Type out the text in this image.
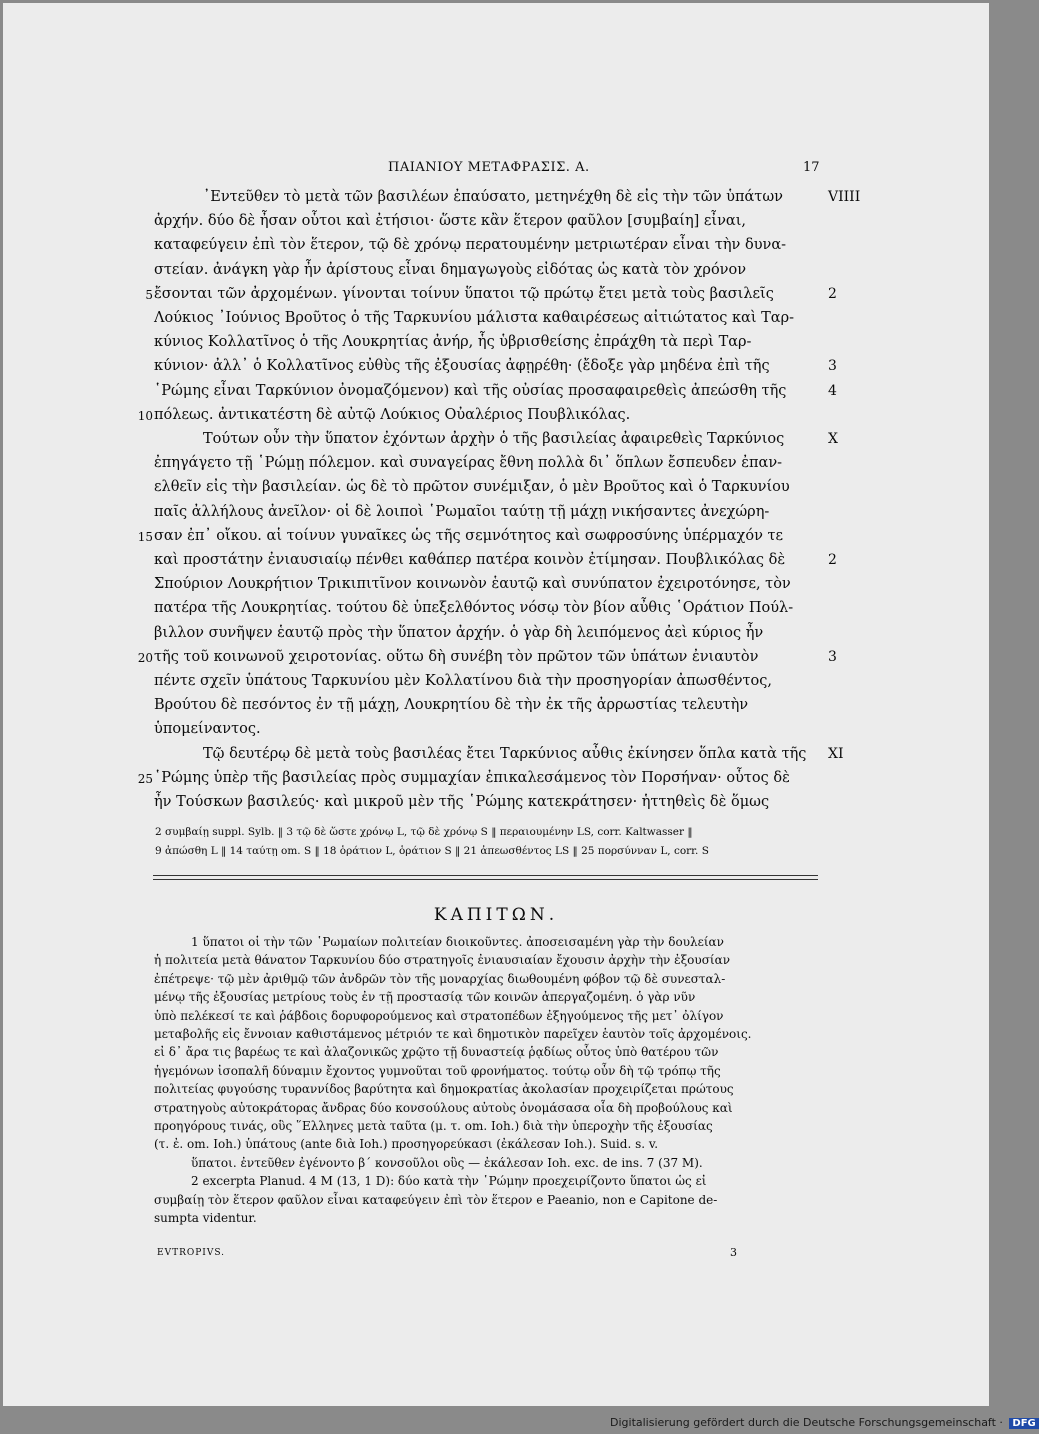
ΠΑΙΑΝΙΟΥ ΜΕΤΑΦΡΑΣΙΣ. Α.	17
᾿Εντεῦθεν τὸ μετὰ τῶν βασιλέων ἐπαύσατο, μετηνέχθη δὲ εἰς τὴν τῶν ὑπάτων	VIIII
ἀρχήν. δύο δὲ ἦσαν οὗτοι καὶ ἐτήσιοι· ὥστε κἂν ἕτερον φαῦλον [συμβαίη] εἶναι,
καταφεύγειν ἐπὶ τὸν ἕτερον, τῷ δὲ χρόνῳ περατουμένην μετριωτέραν εἶναι τὴν δυνα-
στείαν. ἀνάγκη γὰρ ἦν ἀρίστους εἶναι δημαγωγοὺς εἰδότας ὡς κατὰ τὸν χρόνον
5 ἔσονται τῶν ἀρχομένων. γίνονται τοίνυν ὕπατοι τῷ πρώτῳ ἔτει μετὰ τοὺς βασιλεῖς	2
Λούκιος ᾿Ιούνιος Βροῦτος ὁ τῆς Ταρκυνίου μάλιστα καθαιρέσεως αἰτιώτατος καὶ Ταρ-
κύνιος Κολλατῖνος ὁ τῆς Λουκρητίας ἀνήρ, ἧς ὑβρισθείσης ἐπράχθη τὰ περὶ Ταρ-
κύνιον· ἀλλ᾿ ὁ Κολλατῖνος εὐθὺς τῆς ἐξουσίας ἀφῃρέθη· (ἔδοξε γὰρ μηδένα ἐπὶ τῆς	3
῾Ρώμης εἶναι Ταρκύνιον ὀνομαζόμενον) καὶ τῆς οὐσίας προσαφαιρεθεὶς ἀπεώσθη τῆς	4
10 πόλεως. ἀντικατέστη δὲ αὐτῷ Λούκιος Οὐαλέριος Πουβλικόλας.
Τούτων οὖν τὴν ὕπατον ἐχόντων ἀρχὴν ὁ τῆς βασιλείας ἀφαιρεθεὶς Ταρκύνιος	X
ἐπηγάγετο τῇ ῾Ρώμῃ πόλεμον. καὶ συναγείρας ἔθνη πολλὰ δι᾿ ὅπλων ἔσπευδεν ἐπαν-
ελθεῖν εἰς τὴν βασιλείαν. ὡς δὲ τὸ πρῶτον συνέμιξαν, ὁ μὲν Βροῦτος καὶ ὁ Ταρκυνίου
παῖς ἀλλήλους ἀνεῖλον· οἱ δὲ λοιποὶ ῾Ρωμαῖοι ταύτῃ τῇ μάχῃ νικήσαντες ἀνεχώρη-
15 σαν ἐπ᾿ οἴκου. αἱ τοίνυν γυναῖκες ὡς τῆς σεμνότητος καὶ σωφροσύνης ὑπέρμαχόν τε
καὶ προστάτην ἐνιαυσιαίῳ πένθει καθάπερ πατέρα κοινὸν ἐτίμησαν. Πουβλικόλας δὲ	2
Σπούριον Λουκρήτιον Τρικιπιτῖνον κοινωνὸν ἑαυτῷ καὶ συνύπατον ἐχειροτόνησε, τὸν
πατέρα τῆς Λουκρητίας. τούτου δὲ ὑπεξελθόντος νόσῳ τὸν βίον αὖθις ῾Οράτιον Πούλ-
βιλλον συνῆψεν ἑαυτῷ πρὸς τὴν ὕπατον ἀρχήν. ὁ γὰρ δὴ λειπόμενος ἀεὶ κύριος ἦν
20 τῆς τοῦ κοινωνοῦ χειροτονίας. οὕτω δὴ συνέβη τὸν πρῶτον τῶν ὑπάτων ἐνιαυτὸν	3
πέντε σχεῖν ὑπάτους Ταρκυνίου μὲν Κολλατίνου διὰ τὴν προσηγορίαν ἀπωσθέντος,
Βρούτου δὲ πεσόντος ἐν τῇ μάχῃ, Λουκρητίου δὲ τὴν ἐκ τῆς ἀρρωστίας τελευτὴν
ὑπομείναντος.
Τῷ δευτέρῳ δὲ μετὰ τοὺς βασιλέας ἔτει Ταρκύνιος αὖθις ἐκίνησεν ὅπλα κατὰ τῆς XI
25 ῾Ρώμης ὑπὲρ τῆς βασιλείας πρὸς συμμαχίαν ἐπικαλεσάμενος τὸν Πορσήναν· οὗτος δὲ
ἦν Τούσκων βασιλεύς· καὶ μικροῦ μὲν τῆς ῾Ρώμης κατεκράτησεν· ἡττηθεὶς δὲ ὅμως
2 συμβαίῃ suppl. Sylb. ‖ 3 τῷ δὲ ὥστε χρόνῳ L, τῷ δὲ χρόνῳ S ‖ περαιουμένην LS, corr. Kaltwasser ‖
9 ἀπώσθη L ‖ 14 ταύτῃ om. S ‖ 18 ὁράτιον L, ὁράτιον S ‖ 21 ἀπεωσθέντος LS ‖ 25 πορσύνναν L, corr. S
ΚΑΠΙΤΩΝ.
1 ὕπατοι οἱ τὴν τῶν ῾Ρωμαίων πολιτείαν διοικοῦντες. ἀποσεισαμένη γὰρ τὴν δουλείαν
ἡ πολιτεία μετὰ θάνατον Ταρκυνίου δύο στρατηγοῖς ἐνιαυσιαίαν ἔχουσιν ἀρχὴν τὴν ἐξουσίαν
ἐπέτρεψε· τῷ μὲν ἀριθμῷ τῶν ἀνδρῶν τὸν τῆς μοναρχίας διωθουμένη φόβον τῷ δὲ συνεσταλ-
μένῳ τῆς ἐξουσίας μετρίους τοὺς ἐν τῇ προστασίᾳ τῶν κοινῶν ἀπεργαζομένη. ὁ γὰρ νῦν
ὑπὸ πελέκεσί τε καὶ ῥάβδοις δορυφορούμενος καὶ στρατοπέδων ἐξηγούμενος τῆς μετ᾿ ὀλίγον
μεταβολῆς εἰς ἔννοιαν καθιστάμενος μέτριόν τε καὶ δημοτικὸν παρεῖχεν ἑαυτὸν τοῖς ἀρχομένοις.
εἰ δ᾿ ἄρα τις βαρέως τε καὶ ἀλαζονικῶς χρῷτο τῇ δυναστείᾳ ῥᾳδίως οὗτος ὑπὸ θατέρου τῶν
ἡγεμόνων ἰσοπαλῆ δύναμιν ἔχοντος γυμνοῦται τοῦ φρονήματος. τούτῳ οὖν δὴ τῷ τρόπῳ τῆς
πολιτείας φυγούσης τυραννίδος βαρύτητα καὶ δημοκρατίας ἀκολασίαν προχειρίζεται πρώτους
στρατηγοὺς αὐτοκράτορας ἄνδρας δύο κονσούλους αὐτοὺς ὀνομάσασα οἷα δὴ προβούλους καὶ
προηγόρους τινάς, οὓς ῞Ελληνες μετὰ ταῦτα (μ. τ. om. Ioh.) διὰ τὴν ὑπεροχὴν τῆς ἐξουσίας
(τ. ἐ. om. Ioh.) ὑπάτους (ante διὰ Ioh.) προσηγορεύκασι (ἐκάλεσαν Ioh.). Suid. s. v.
ὕπατοι. ἐντεῦθεν ἐγένοντο β΄ κονσοῦλοι οὓς — ἐκάλεσαν Ioh. exc. de ins. 7 (37 M).
2 excerpta Planud. 4 M (13, 1 D): δύο κατὰ τὴν ῾Ρώμην προεχειρίζοντο ὕπατοι ὡς εἰ
συμβαίῃ τὸν ἕτερον φαῦλον εἶναι καταφεύγειν ἐπὶ τὸν ἕτερον e Paeanio, non e Capitone de-
sumpta videntur.
EVTROPIVS.	3
Digitalisierung gefördert durch die Deutsche Forschungsgemeinschaft · DFG
